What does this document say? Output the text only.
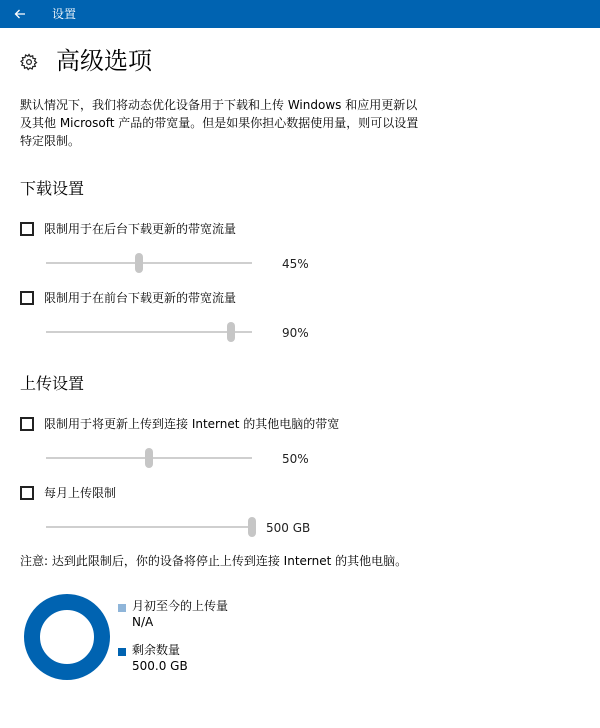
设置
高级选项
默认情况下，我们将动态优化设备用于下载和上传 Windows 和应用更新以及其他 Microsoft 产品的带宽量。但是如果你担心数据使用量，则可以设置特定限制。
下载设置
限制用于在后台下载更新的带宽流量
45%
限制用于在前台下载更新的带宽流量
90%
上传设置
限制用于将更新上传到连接 Internet 的其他电脑的带宽
50%
每月上传限制
500 GB
注意: 达到此限制后，你的设备将停止上传到连接 Internet 的其他电脑。
月初至今的上传量
N/A
剩余数量
500.0 GB
